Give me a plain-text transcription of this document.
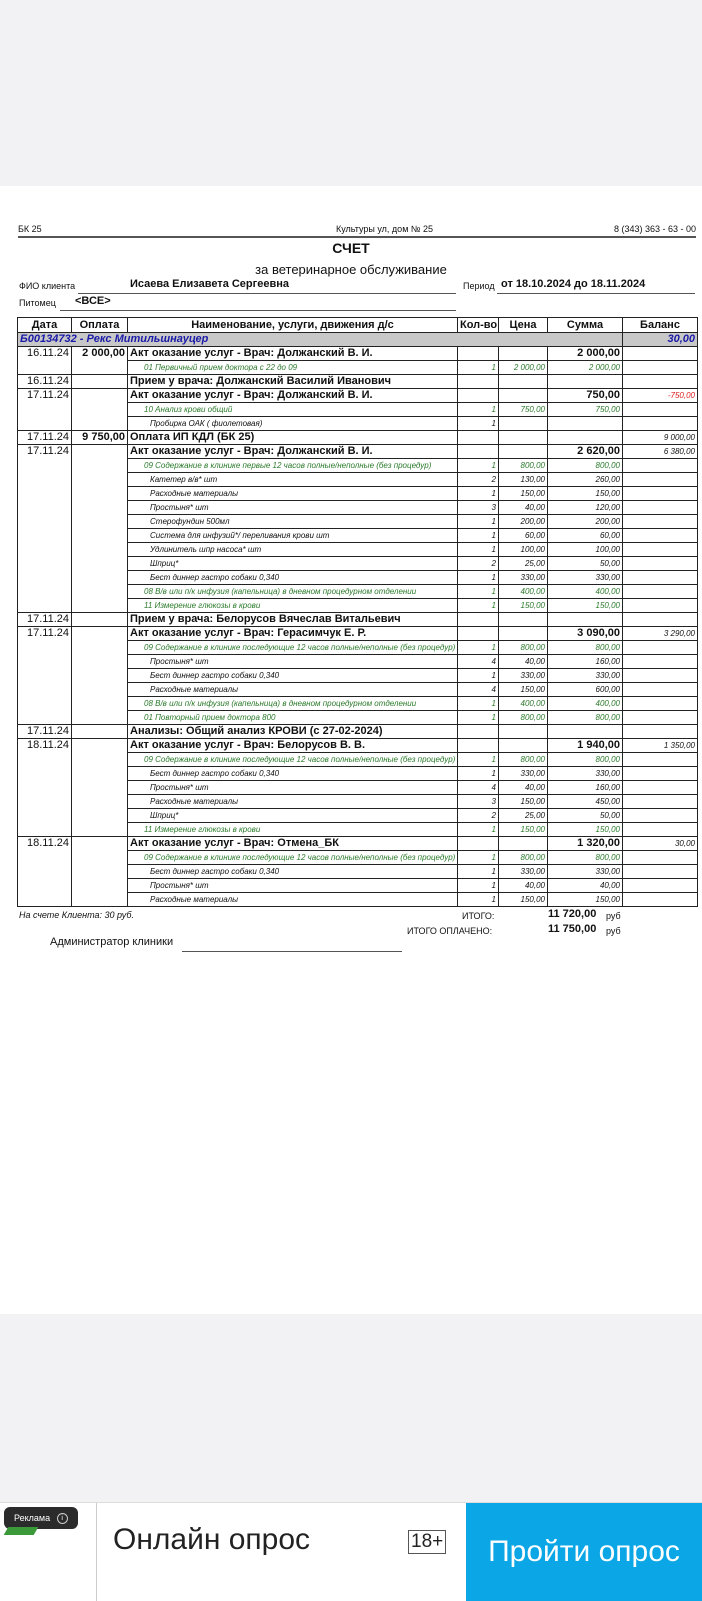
БК 25	Культуры ул, дом № 25	8 (343) 363 - 63 - 00
СЧЕТ
за ветеринарное обслуживание
ФИО клиента	Исаева Елизавета Сергеевна	Период от 18.10.2024 до 18.11.2024
Питомец <ВСЕ>
Дата	Оплата	Наименование, услуги, движения д/с	Кол-во	Цена	Сумма	Баланс
Б00134732 - Рекс Митильшнауцер						30,00
16.11.24	2 000,00	Акт оказание услуг - Врач: Должанский В. И.			2 000,00	
		01 Первичный прием доктора с 22 до 09	1	2 000,00	2 000,00	
16.11.24		Прием у врача: Должанский Василий Иванович				
17.11.24		Акт оказание услуг - Врач: Должанский В. И.			750,00	-750,00
		10 Анализ крови общий	1	750,00	750,00	
		Пробирка ОАК ( фиолетовая)	1			
17.11.24	9 750,00	Оплата ИП КДЛ (БК 25)				9 000,00
17.11.24		Акт оказание услуг - Врач: Должанский В. И.			2 620,00	6 380,00
		09 Содержание в клинике первые 12 часов полные/неполные (без процедур)	1	800,00	800,00	
		Катетер в/в* шт	2	130,00	260,00	
		Расходные материалы	1	150,00	150,00	
		Простыня* шт	3	40,00	120,00	
		Стерофундин 500мл	1	200,00	200,00	
		Система для инфузий*/ переливания крови шт	1	60,00	60,00	
		Удлинитель шпр насоса* шт	1	100,00	100,00	
		Шприц*	2	25,00	50,00	
		Бест диннер гастро собаки 0,340	1	330,00	330,00	
		08 В/в или п/к инфузия (капельница) в дневном процедурном отделении	1	400,00	400,00	
		11 Измерение глюкозы в крови	1	150,00	150,00	
17.11.24		Прием у врача: Белорусов Вячеслав Витальевич				
17.11.24		Акт оказание услуг - Врач: Герасимчук Е. Р.			3 090,00	3 290,00
		09 Содержание в клинике последующие 12 часов полные/неполные (без процедур)	1	800,00	800,00	
		Простыня* шт	4	40,00	160,00	
		Бест диннер гастро собаки 0,340	1	330,00	330,00	
		Расходные материалы	4	150,00	600,00	
		08 В/в или п/к инфузия (капельница) в дневном процедурном отделении	1	400,00	400,00	
		01 Повторный прием доктора 800	1	800,00	800,00	
17.11.24		Анализы: Общий анализ КРОВИ (с 27-02-2024)				
18.11.24		Акт оказание услуг - Врач: Белорусов В. В.			1 940,00	1 350,00
		09 Содержание в клинике последующие 12 часов полные/неполные (без процедур)	1	800,00	800,00	
		Бест диннер гастро собаки 0,340	1	330,00	330,00	
		Простыня* шт	4	40,00	160,00	
		Расходные материалы	3	150,00	450,00	
		Шприц*	2	25,00	50,00	
		11 Измерение глюкозы в крови	1	150,00	150,00	
18.11.24		Акт оказание услуг - Врач: Отмена_БК			1 320,00	30,00
		09 Содержание в клинике последующие 12 часов полные/неполные (без процедур)	1	800,00	800,00	
		Бест диннер гастро собаки 0,340	1	330,00	330,00	
		Простыня* шт	1	40,00	40,00	
		Расходные материалы	1	150,00	150,00	
На счете Клиента: 30 руб.	ИТОГО:	11 720,00 руб
ИТОГО ОПЛАЧЕНО:	11 750,00 руб
Администратор клиники
Реклама i
Онлайн опрос	18+	Пройти опрос
